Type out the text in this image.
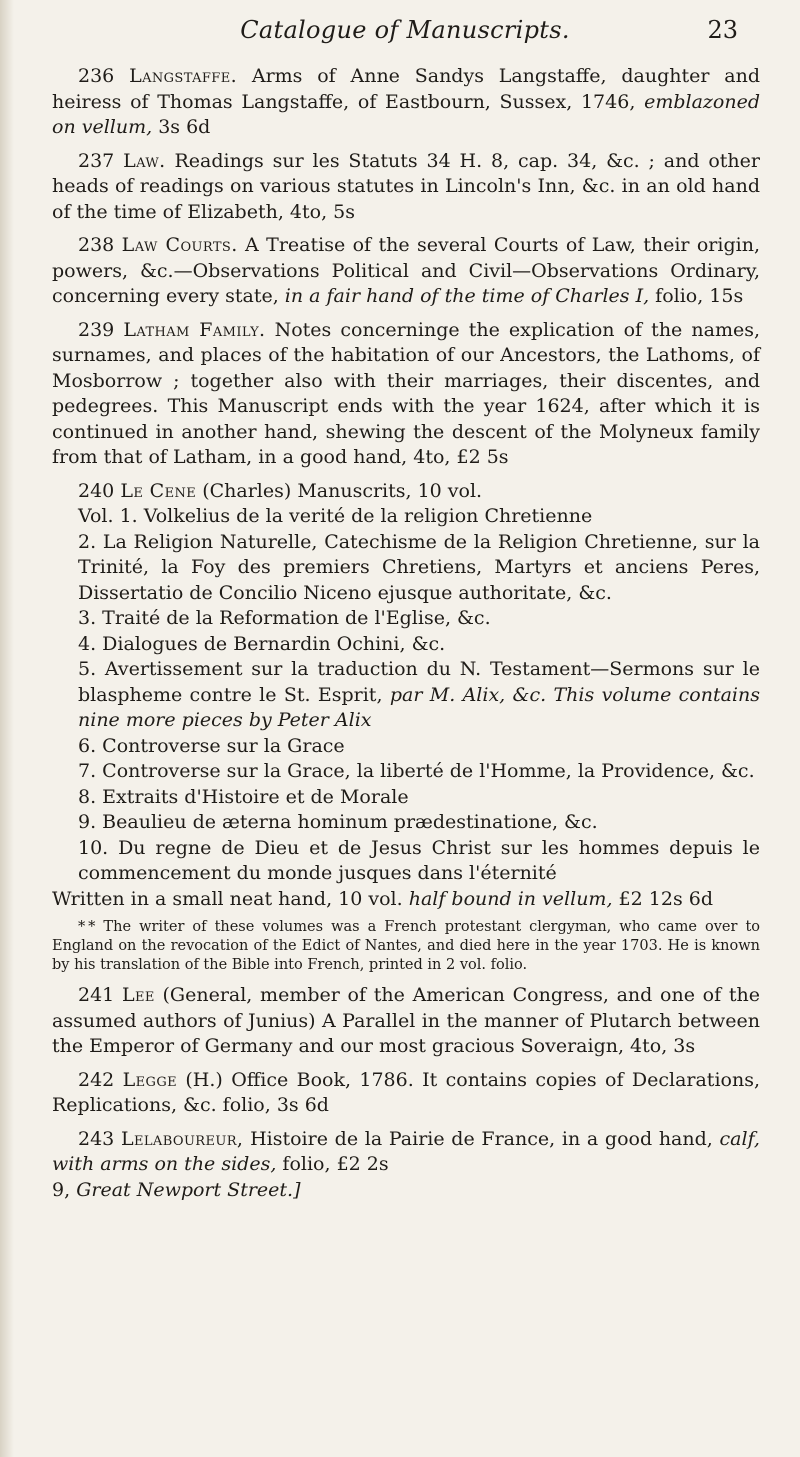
Catalogue of Manuscripts.	23

236 Langstaffe. Arms of Anne Sandys Langstaffe, daughter and heiress of Thomas Langstaffe, of Eastbourn, Sussex, 1746, emblazoned on vellum, 3s 6d

237 Law. Readings sur les Statuts 34 H. 8, cap. 34, &c. ; and other heads of readings on various statutes in Lincoln's Inn, &c. in an old hand of the time of Elizabeth, 4to, 5s

238 Law Courts. A Treatise of the several Courts of Law, their origin, powers, &c.—Observations Political and Civil—Observations Ordinary, concerning every state, in a fair hand of the time of Charles I, folio, 15s

239 Latham Family. Notes concerninge the explication of the names, surnames, and places of the habitation of our Ancestors, the Lathoms, of Mosborrow ; together also with their marriages, their discentes, and pedegrees. This Manuscript ends with the year 1624, after which it is continued in another hand, shewing the descent of the Molyneux family from that of Latham, in a good hand, 4to, £2 5s

240 Le Cene (Charles) Manuscrits, 10 vol.

Vol. 1. Volkelius de la verité de la religion Chretienne

2. La Religion Naturelle, Catechisme de la Religion Chretienne, sur la Trinité, la Foy des premiers Chretiens, Martyrs et anciens Peres, Dissertatio de Concilio Niceno ejusque authoritate, &c.

3. Traité de la Reformation de l'Eglise, &c.

4. Dialogues de Bernardin Ochini, &c.

5. Avertissement sur la traduction du N. Testament—Sermons sur le blaspheme contre le St. Esprit, par M. Alix, &c. This volume contains nine more pieces by Peter Alix

6. Controverse sur la Grace

7. Controverse sur la Grace, la liberté de l'Homme, la Providence, &c.

8. Extraits d'Histoire et de Morale

9. Beaulieu de æterna hominum prædestinatione, &c.

10. Du regne de Dieu et de Jesus Christ sur les hommes depuis le commencement du monde jusques dans l'éternité

Written in a small neat hand, 10 vol. half bound in vellum, £2 12s 6d

* * The writer of these volumes was a French protestant clergyman, who came over to England on the revocation of the Edict of Nantes, and died here in the year 1703. He is known by his translation of the Bible into French, printed in 2 vol. folio.

241 Lee (General, member of the American Congress, and one of the assumed authors of Junius) A Parallel in the manner of Plutarch between the Emperor of Germany and our most gracious Soveraign, 4to, 3s

242 Legge (H.) Office Book, 1786. It contains copies of Declarations, Replications, &c. folio, 3s 6d

243 Lelaboureur, Histoire de la Pairie de France, in a good hand, calf, with arms on the sides, folio, £2 2s
9, Great Newport Street.]
